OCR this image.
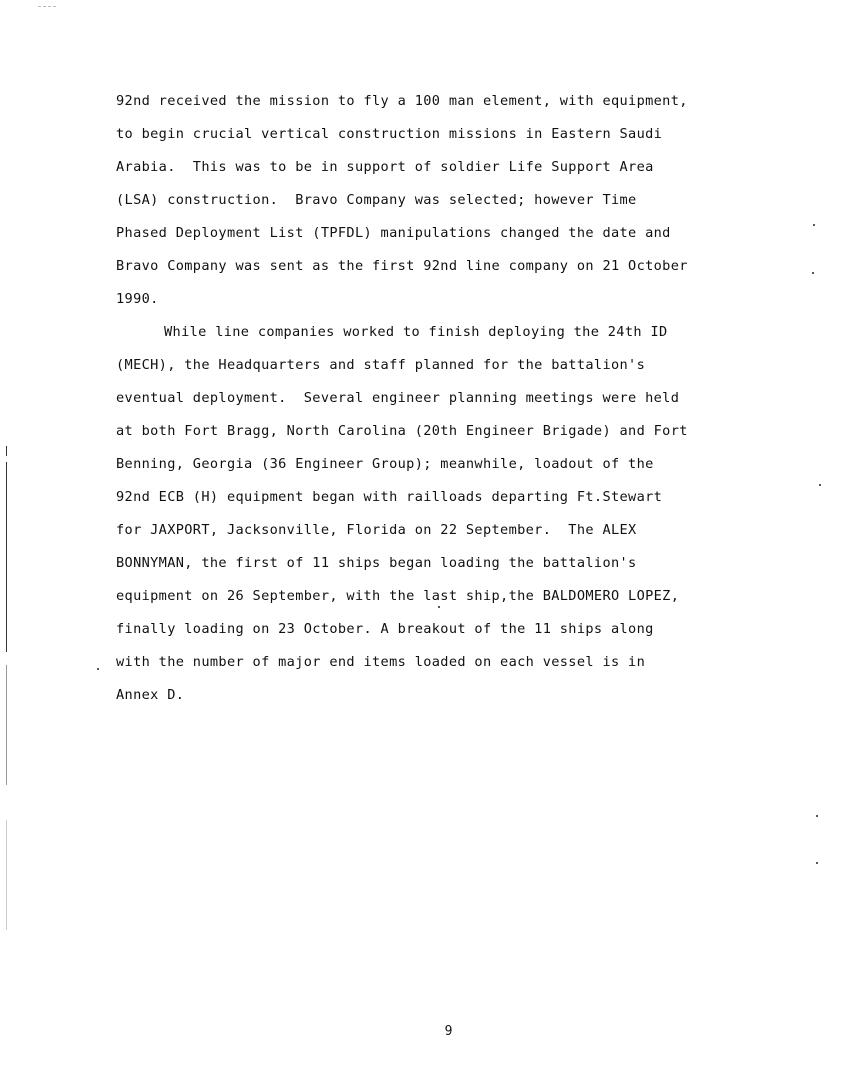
92nd received the mission to fly a 100 man element, with equipment,
to begin crucial vertical construction missions in Eastern Saudi
Arabia.  This was to be in support of soldier Life Support Area
(LSA) construction.  Bravo Company was selected; however Time
Phased Deployment List (TPFDL) manipulations changed the date and
Bravo Company was sent as the first 92nd line company on 21 October
1990.
While line companies worked to finish deploying the 24th ID
(MECH), the Headquarters and staff planned for the battalion's
eventual deployment.  Several engineer planning meetings were held
at both Fort Bragg, North Carolina (20th Engineer Brigade) and Fort
Benning, Georgia (36 Engineer Group); meanwhile, loadout of the
92nd ECB (H) equipment began with railloads departing Ft.Stewart
for JAXPORT, Jacksonville, Florida on 22 September.  The ALEX
BONNYMAN, the first of 11 ships began loading the battalion's
equipment on 26 September, with the last ship,the BALDOMERO LOPEZ,
finally loading on 23 October. A breakout of the 11 ships along
with the number of major end items loaded on each vessel is in
Annex D.
9
